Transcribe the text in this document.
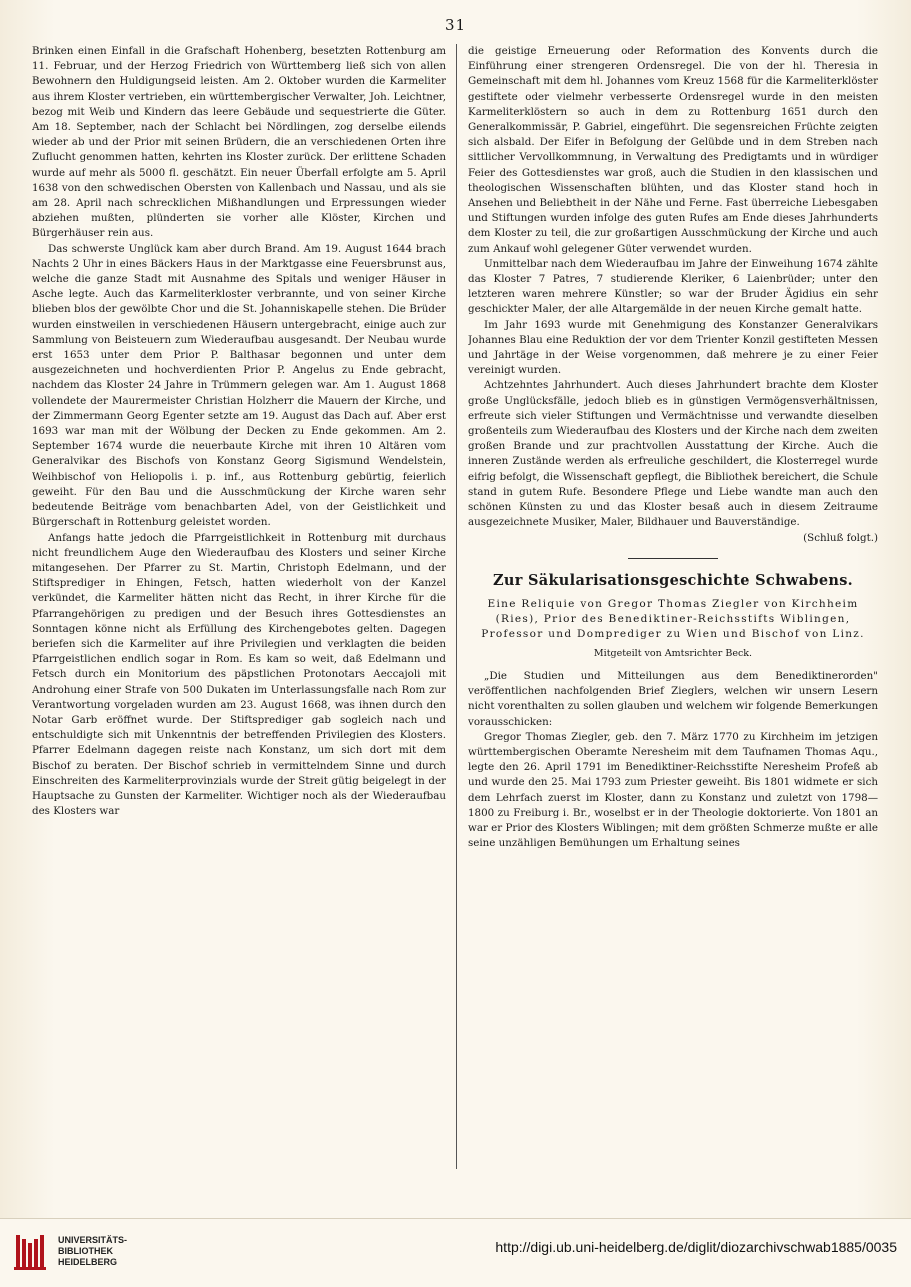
31

Brinken einen Einfall in die Grafschaft Hohenberg, besetzten Rottenburg am 11. Februar, und der Herzog Friedrich von Württemberg ließ sich von allen Bewohnern den Huldigungseid leisten. Am 2. Oktober wurden die Karmeliter aus ihrem Kloster vertrieben, ein württembergischer Verwalter, Joh. Leichtner, bezog mit Weib und Kindern das leere Gebäude und sequestrierte die Güter. Am 18. September, nach der Schlacht bei Nördlingen, zog derselbe eilends wieder ab und der Prior mit seinen Brüdern, die an verschiedenen Orten ihre Zuflucht genommen hatten, kehrten ins Kloster zurück. Der erlittene Schaden wurde auf mehr als 5000 fl. geschätzt. Ein neuer Überfall erfolgte am 5. April 1638 von den schwedischen Obersten von Kallenbach und Nassau, und als sie am 28. April nach schrecklichen Mißhandlungen und Erpressungen wieder abziehen mußten, plünderten sie vorher alle Klöster, Kirchen und Bürgerhäuser rein aus.

Das schwerste Unglück kam aber durch Brand. Am 19. August 1644 brach Nachts 2 Uhr in eines Bäckers Haus in der Marktgasse eine Feuersbrunst aus, welche die ganze Stadt mit Ausnahme des Spitals und weniger Häuser in Asche legte. Auch das Karmeliterkloster verbrannte, und von seiner Kirche blieben blos der gewölbte Chor und die St. Johanniskapelle stehen. Die Brüder wurden einstweilen in verschiedenen Häusern untergebracht, einige auch zur Sammlung von Beisteuern zum Wiederaufbau ausgesandt. Der Neubau wurde erst 1653 unter dem Prior P. Balthasar begonnen und unter dem ausgezeichneten und hochverdienten Prior P. Angelus zu Ende gebracht, nachdem das Kloster 24 Jahre in Trümmern gelegen war. Am 1. August 1868 vollendete der Maurermeister Christian Holzherr die Mauern der Kirche, und der Zimmermann Georg Egenter setzte am 19. August das Dach auf. Aber erst 1693 war man mit der Wölbung der Decken zu Ende gekommen. Am 2. September 1674 wurde die neuerbaute Kirche mit ihren 10 Altären vom Generalvikar des Bischofs von Konstanz Georg Sigismund Wendelstein, Weihbischof von Heliopolis i. p. inf., aus Rottenburg gebürtig, feierlich geweiht. Für den Bau und die Ausschmückung der Kirche waren sehr bedeutende Beiträge vom benachbarten Adel, von der Geistlichkeit und Bürgerschaft in Rottenburg geleistet worden.

Anfangs hatte jedoch die Pfarrgeistlichkeit in Rottenburg mit durchaus nicht freundlichem Auge den Wiederaufbau des Klosters und seiner Kirche mitangesehen. Der Pfarrer zu St. Martin, Christoph Edelmann, und der Stiftsprediger in Ehingen, Fetsch, hatten wiederholt von der Kanzel verkündet, die Karmeliter hätten nicht das Recht, in ihrer Kirche für die Pfarrangehörigen zu predigen und der Besuch ihres Gottesdienstes an Sonntagen könne nicht als Erfüllung des Kirchengebotes gelten. Dagegen beriefen sich die Karmeliter auf ihre Privilegien und verklagten die beiden Pfarrgeistlichen endlich sogar in Rom. Es kam so weit, daß Edelmann und Fetsch durch ein Monitorium des päpstlichen Protonotars Aeccajoli mit Androhung einer Strafe von 500 Dukaten im Unterlassungsfalle nach Rom zur Verantwortung vorgeladen wurden am 23. August 1668, was ihnen durch den Notar Garb eröffnet wurde. Der Stiftsprediger gab sogleich nach und entschuldigte sich mit Unkenntnis der betreffenden Privilegien des Klosters. Pfarrer Edelmann dagegen reiste nach Konstanz, um sich dort mit dem Bischof zu beraten. Der Bischof schrieb in vermittelndem Sinne und durch Einschreiten des Karmeliterprovinzials wurde der Streit gütig beigelegt in der Hauptsache zu Gunsten der Karmeliter. Wichtiger noch als der Wiederaufbau des Klosters war

die geistige Erneuerung oder Reformation des Konvents durch die Einführung einer strengeren Ordensregel. Die von der hl. Theresia in Gemeinschaft mit dem hl. Johannes vom Kreuz 1568 für die Karmeliterklöster gestiftete oder vielmehr verbesserte Ordensregel wurde in den meisten Karmeliterklöstern so auch in dem zu Rottenburg 1651 durch den Generalkommissär, P. Gabriel, eingeführt. Die segensreichen Früchte zeigten sich alsbald. Der Eifer in Befolgung der Gelübde und in dem Streben nach sittlicher Vervollkommnung, in Verwaltung des Predigtamts und in würdiger Feier des Gottesdienstes war groß, auch die Studien in den klassischen und theologischen Wissenschaften blühten, und das Kloster stand hoch in Ansehen und Beliebtheit in der Nähe und Ferne. Fast überreiche Liebesgaben und Stiftungen wurden infolge des guten Rufes am Ende dieses Jahrhunderts dem Kloster zu teil, die zur großartigen Ausschmückung der Kirche und auch zum Ankauf wohl gelegener Güter verwendet wurden.

Unmittelbar nach dem Wiederaufbau im Jahre der Einweihung 1674 zählte das Kloster 7 Patres, 7 studierende Kleriker, 6 Laienbrüder; unter den letzteren waren mehrere Künstler; so war der Bruder Ägidius ein sehr geschickter Maler, der alle Altargemälde in der neuen Kirche gemalt hatte.

Im Jahr 1693 wurde mit Genehmigung des Konstanzer Generalvikars Johannes Blau eine Reduktion der vor dem Trienter Konzil gestifteten Messen und Jahrtäge in der Weise vorgenommen, daß mehrere je zu einer Feier vereinigt wurden.

Achtzehntes Jahrhundert. Auch dieses Jahrhundert brachte dem Kloster große Unglücksfälle, jedoch blieb es in günstigen Vermögensverhältnissen, erfreute sich vieler Stiftungen und Vermächtnisse und verwandte dieselben großenteils zum Wiederaufbau des Klosters und der Kirche nach dem zweiten großen Brande und zur prachtvollen Ausstattung der Kirche. Auch die inneren Zustände werden als erfreuliche geschildert, die Klosterregel wurde eifrig befolgt, die Wissenschaft gepflegt, die Bibliothek bereichert, die Schule stand in gutem Rufe. Besondere Pflege und Liebe wandte man auch den schönen Künsten zu und das Kloster besaß auch in diesem Zeitraume ausgezeichnete Musiker, Maler, Bildhauer und Bauverständige.

(Schluß folgt.)

Zur Säkularisationsgeschichte Schwabens.
Eine Reliquie von Gregor Thomas Ziegler von Kirchheim (Ries), Prior des Benediktiner-Reichsstifts Wiblingen, Professor und Domprediger zu Wien und Bischof von Linz.
Mitgeteilt von Amtsrichter Beck.

„Die Studien und Mitteilungen aus dem Benediktinerorden" veröffentlichen nachfolgenden Brief Zieglers, welchen wir unsern Lesern nicht vorenthalten zu sollen glauben und welchem wir folgende Bemerkungen vorausschicken:

Gregor Thomas Ziegler, geb. den 7. März 1770 zu Kirchheim im jetzigen württembergischen Oberamte Neresheim mit dem Taufnamen Thomas Aqu., legte den 26. April 1791 im Benediktiner-Reichsstifte Neresheim Profeß ab und wurde den 25. Mai 1793 zum Priester geweiht. Bis 1801 widmete er sich dem Lehrfach zuerst im Kloster, dann zu Konstanz und zuletzt von 1798—1800 zu Freiburg i. Br., woselbst er in der Theologie doktorierte. Von 1801 an war er Prior des Klosters Wiblingen; mit dem größten Schmerze mußte er alle seine unzähligen Bemühungen um Erhaltung seines

UNIVERSITÄTS-
BIBLIOTHEK
HEIDELBERG
http://digi.ub.uni-heidelberg.de/diglit/diozarchivschwab1885/0035
